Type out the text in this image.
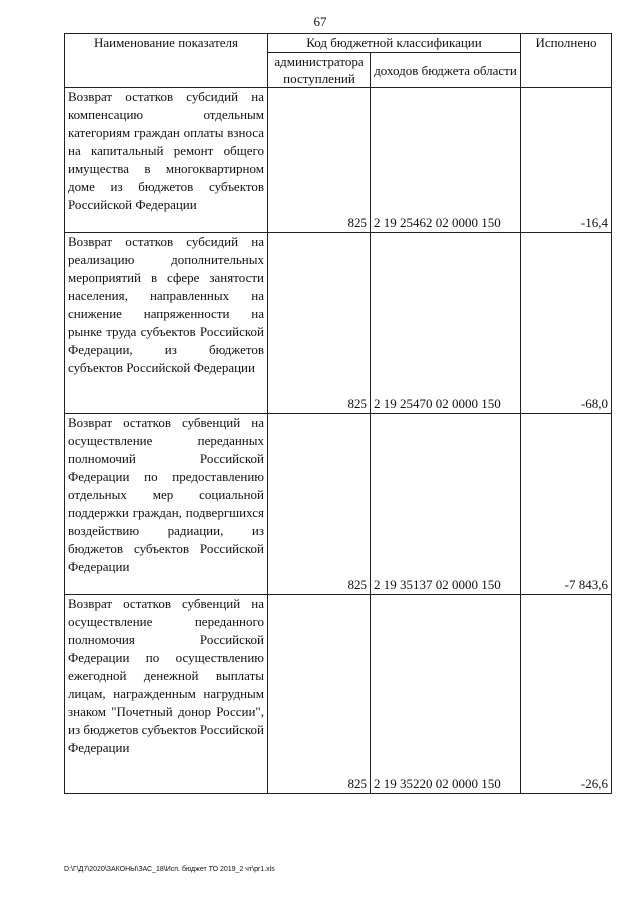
67
Наименование показателя	Код бюджетной классификации		Исполнено
	администратора поступлений	доходов бюджета области	
Возврат остатков субсидий на компенсацию отдельным категориям граждан оплаты взноса на капитальный ремонт общего имущества в многоквартирном доме из бюджетов субъектов Российской Федерации	825	2 19 25462 02 0000 150	-16,4
Возврат остатков субсидий на реализацию дополнительных мероприятий в сфере занятости населения, направленных на снижение напряженности на рынке труда субъектов Российской Федерации, из бюджетов субъектов Российской Федерации	825	2 19 25470 02 0000 150	-68,0
Возврат остатков субвенций на осуществление переданных полномочий Российской Федерации по предоставлению отдельных мер социальной поддержки граждан, подвергшихся воздействию радиации, из бюджетов субъектов Российской Федерации	825	2 19 35137 02 0000 150	-7 843,6
Возврат остатков субвенций на осуществление переданного полномочия Российской Федерации по осуществлению ежегодной денежной выплаты лицам, награжденным нагрудным знаком "Почетный донор России", из бюджетов субъектов Российской Федерации	825	2 19 35220 02 0000 150	-26,6
D:\Г\Д7\2020\ЗАКОНЫ\ЗАС_18\Исп. бюджет ТО 2019_2 чт\pr1.xls
